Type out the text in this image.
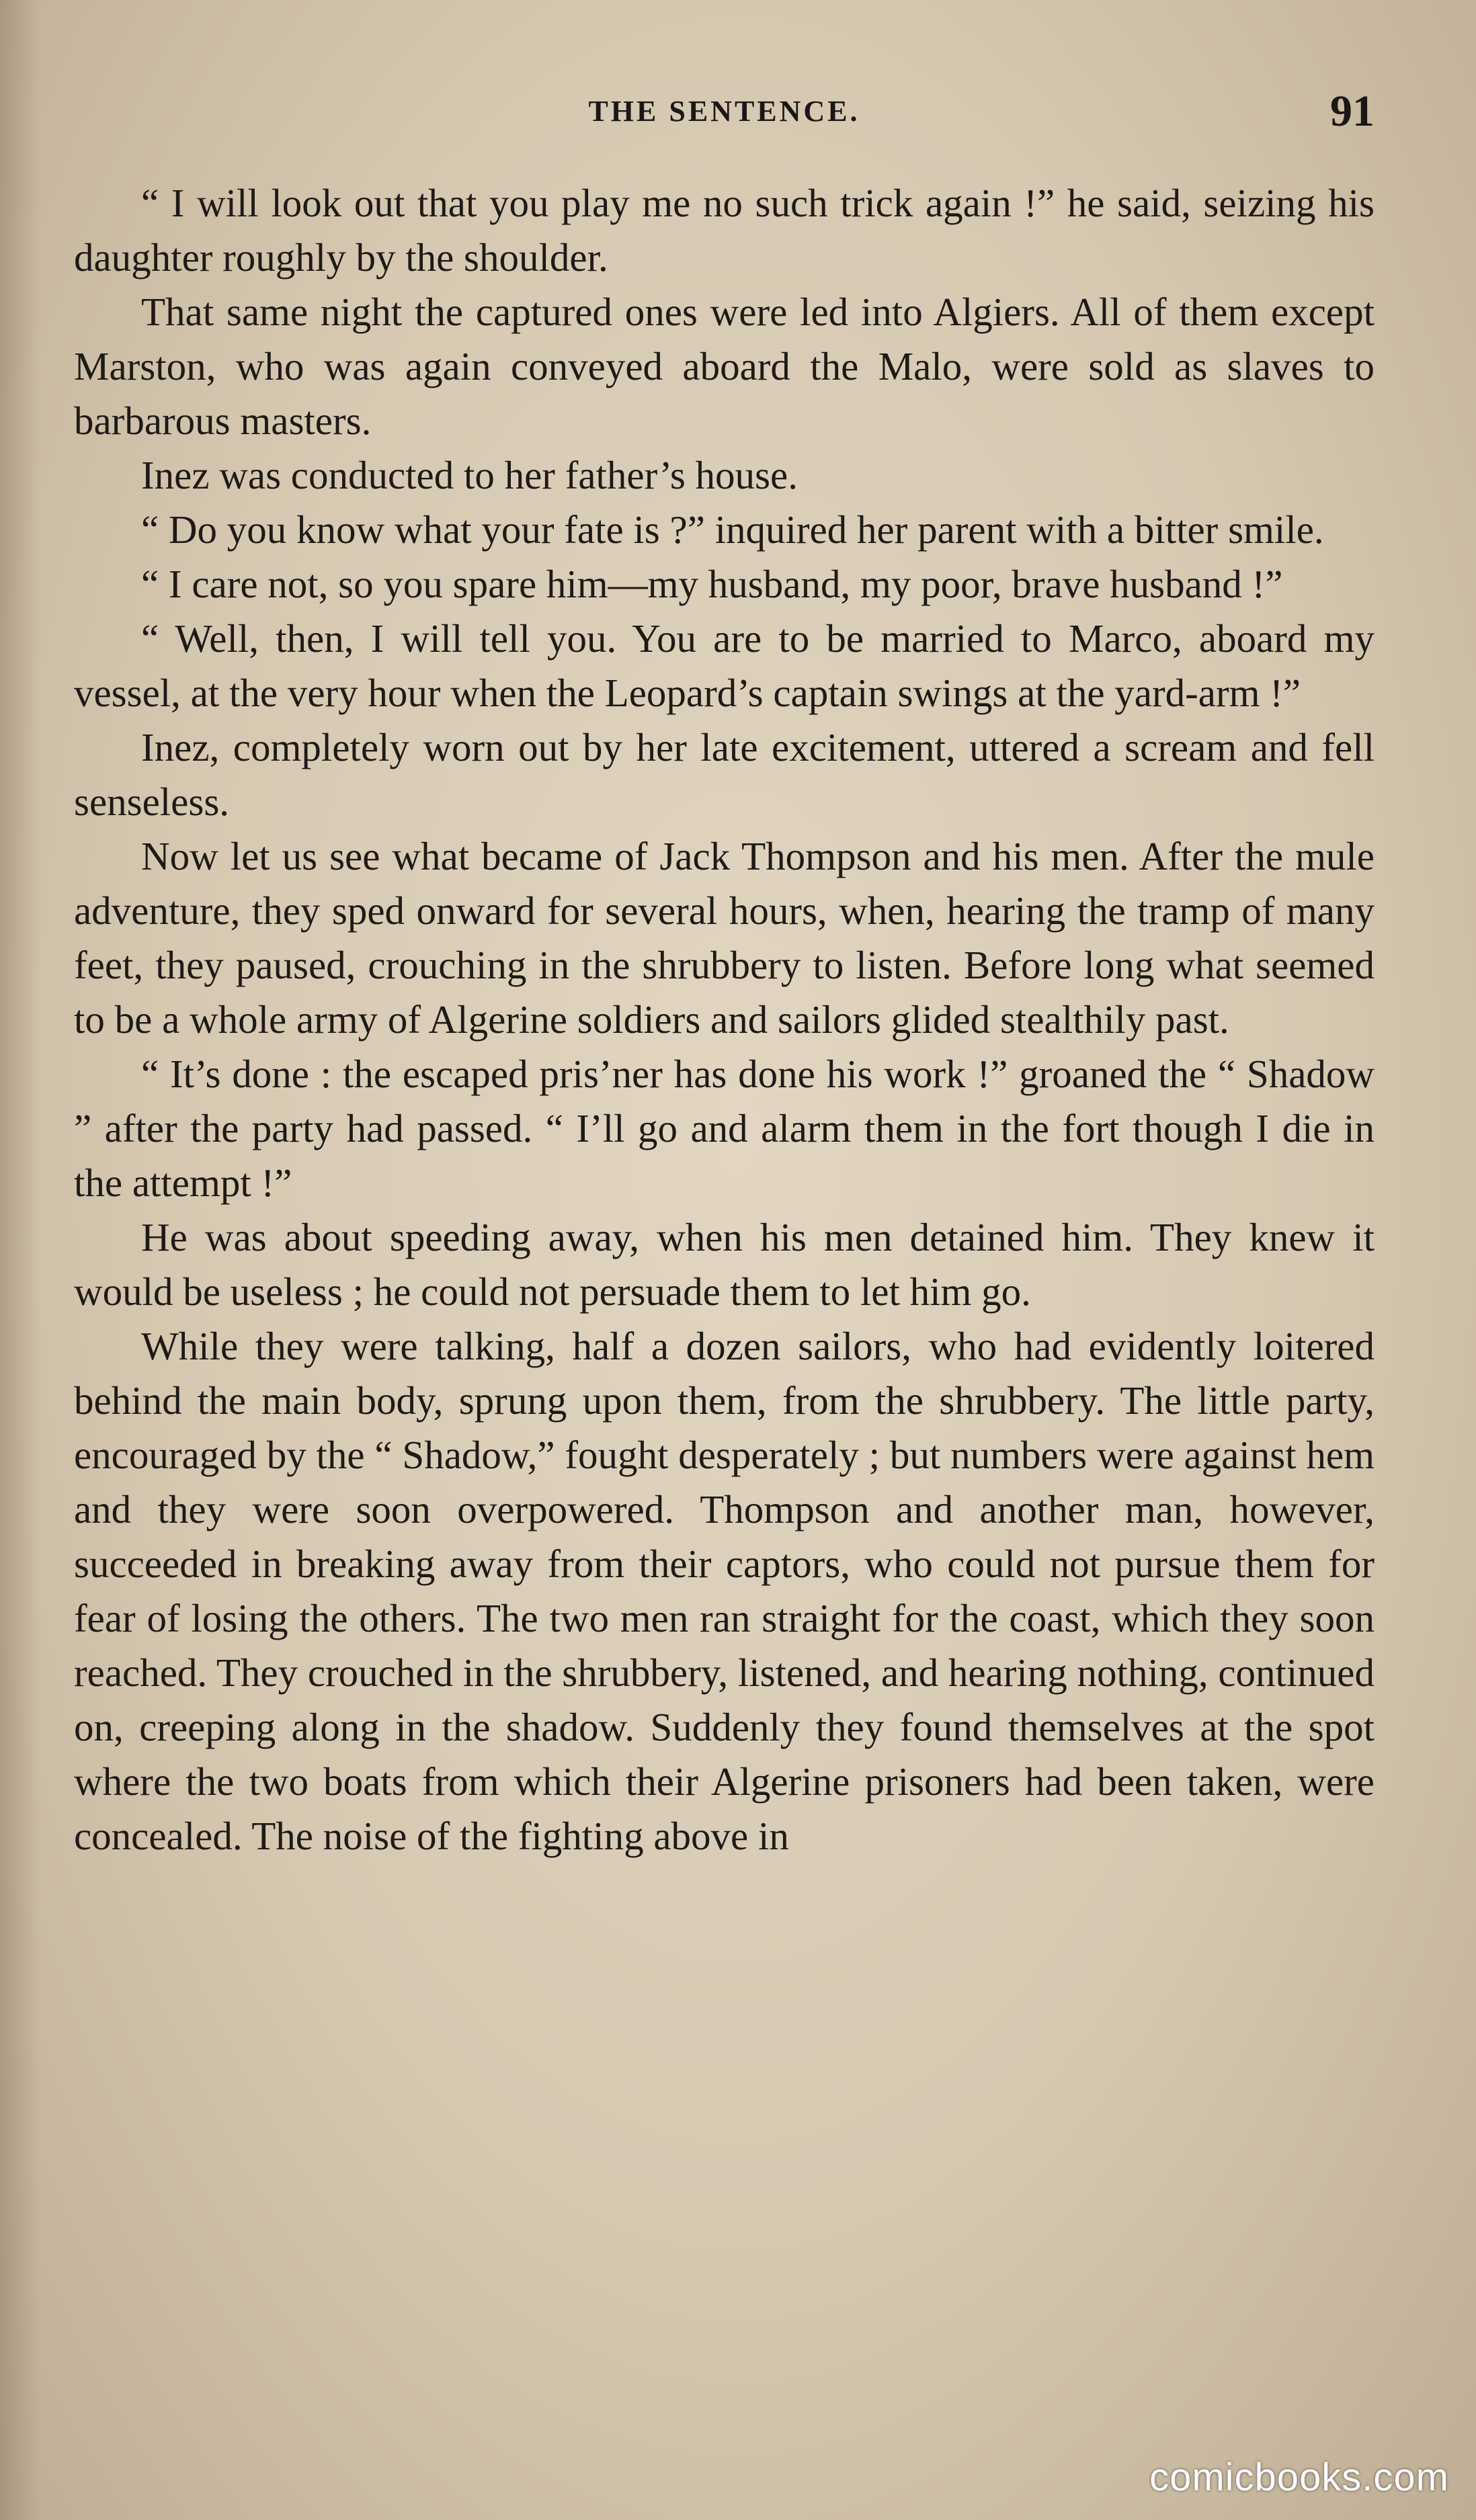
THE SENTENCE.	91

“ I will look out that you play me no such trick again !” he said, seizing his daughter roughly by the shoulder.

That same night the captured ones were led into Algiers. All of them except Marston, who was again conveyed aboard the Malo, were sold as slaves to barbarous masters.

Inez was conducted to her father’s house.

“ Do you know what your fate is ?” inquired her parent with a bitter smile.

“ I care not, so you spare him—my husband, my poor, brave husband !”

“ Well, then, I will tell you. You are to be married to Marco, aboard my vessel, at the very hour when the Leopard’s captain swings at the yard-arm !”

Inez, completely worn out by her late excitement, uttered a scream and fell senseless.

Now let us see what became of Jack Thompson and his men. After the mule adventure, they sped onward for several hours, when, hearing the tramp of many feet, they paused, crouching in the shrubbery to listen. Before long what seemed to be a whole army of Algerine soldiers and sailors glided stealthily past.

“ It’s done : the escaped pris’ner has done his work !” groaned the “ Shadow ” after the party had passed. “ I’ll go and alarm them in the fort though I die in the attempt !”

He was about speeding away, when his men detained him. They knew it would be useless ; he could not persuade them to let him go.

While they were talking, half a dozen sailors, who had evidently loitered behind the main body, sprung upon them, from the shrubbery. The little party, encouraged by the “ Shadow,” fought desperately ; but numbers were against hem and they were soon overpowered. Thompson and another man, however, succeeded in breaking away from their captors, who could not pursue them for fear of losing the others. The two men ran straight for the coast, which they soon reached. They crouched in the shrubbery, listened, and hearing nothing, continued on, creeping along in the shadow. Suddenly they found themselves at the spot where the two boats from which their Algerine prisoners had been taken, were concealed. The noise of the fighting above in

comicbooks.com
